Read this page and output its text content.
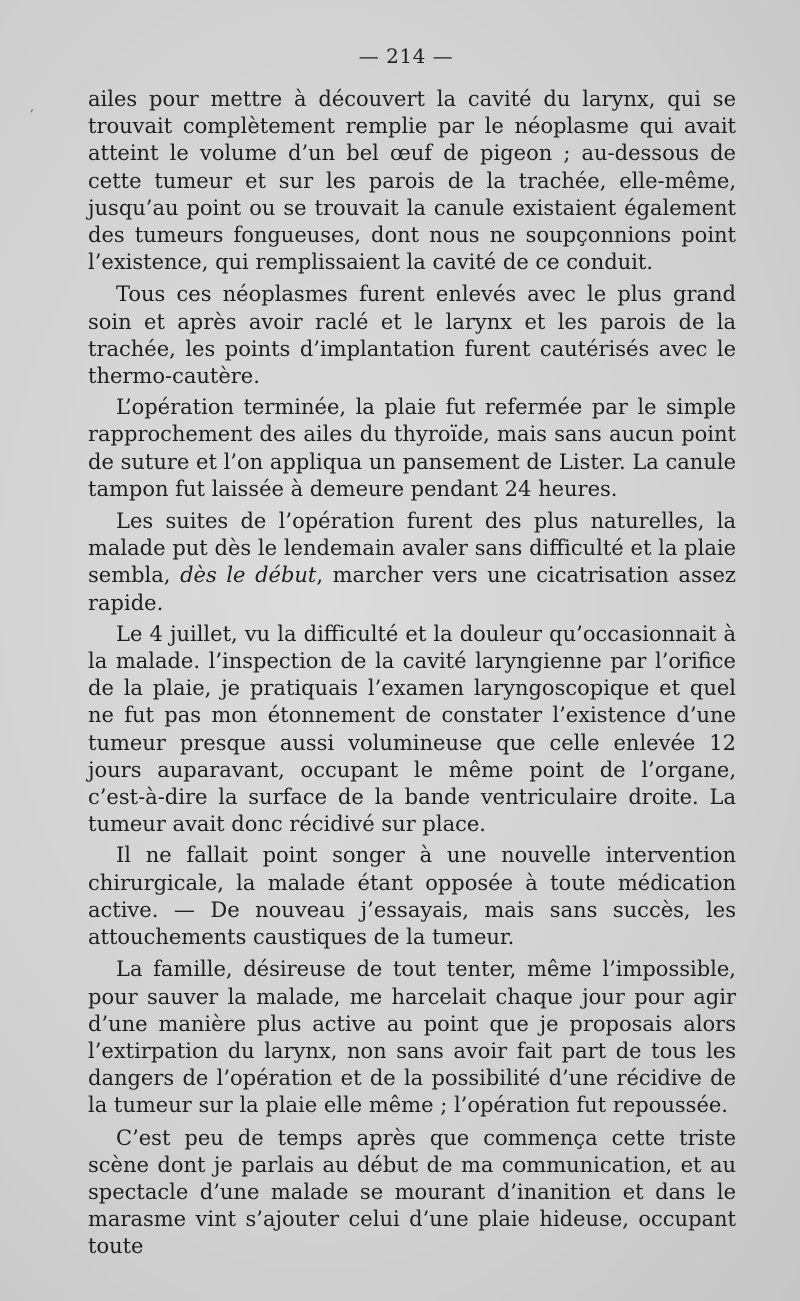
‚
— 214 —

ailes pour mettre à découvert la cavité du larynx, qui se trouvait complètement remplie par le néoplasme qui avait atteint le volume d’un bel œuf de pigeon ; au-dessous de cette tumeur et sur les parois de la trachée, elle-même, jusqu’au point ou se trouvait la canule existaient également des tumeurs fongueuses, dont nous ne soupçonnions point l’existence, qui remplissaient la cavité de ce conduit.

Tous ces néoplasmes furent enlevés avec le plus grand soin et après avoir raclé et le larynx et les parois de la trachée, les points d’implantation furent cautérisés avec le thermo-cautère.

L’opération terminée, la plaie fut refermée par le simple rapprochement des ailes du thyroïde, mais sans aucun point de suture et l’on appliqua un pansement de Lister. La canule tampon fut laissée à demeure pendant 24 heures.

Les suites de l’opération furent des plus naturelles, la malade put dès le lendemain avaler sans difficulté et la plaie sembla, dès le début, marcher vers une cicatrisation assez rapide.

Le 4 juillet, vu la difficulté et la douleur qu’occasionnait à la malade. l’inspection de la cavité laryngienne par l’orifice de la plaie, je pratiquais l’examen laryngoscopique et quel ne fut pas mon étonnement de constater l’existence d’une tumeur presque aussi volumineuse que celle enlevée 12 jours auparavant, occupant le même point de l’organe, c’est-à-dire la surface de la bande ventriculaire droite. La tumeur avait donc récidivé sur place.

Il ne fallait point songer à une nouvelle intervention chirurgicale, la malade étant opposée à toute médication active. — De nouveau j’essayais, mais sans succès, les attouchements caustiques de la tumeur.

La famille, désireuse de tout tenter, même l’impossible, pour sauver la malade, me harcelait chaque jour pour agir d’une manière plus active au point que je proposais alors l’extirpation du larynx, non sans avoir fait part de tous les dangers de l’opération et de la possibilité d’une récidive de la tumeur sur la plaie elle même ; l’opération fut repoussée.

C’est peu de temps après que commença cette triste scène dont je parlais au début de ma communication, et au spectacle d’une malade se mourant d’inanition et dans le marasme vint s’ajouter celui d’une plaie hideuse, occupant toute
